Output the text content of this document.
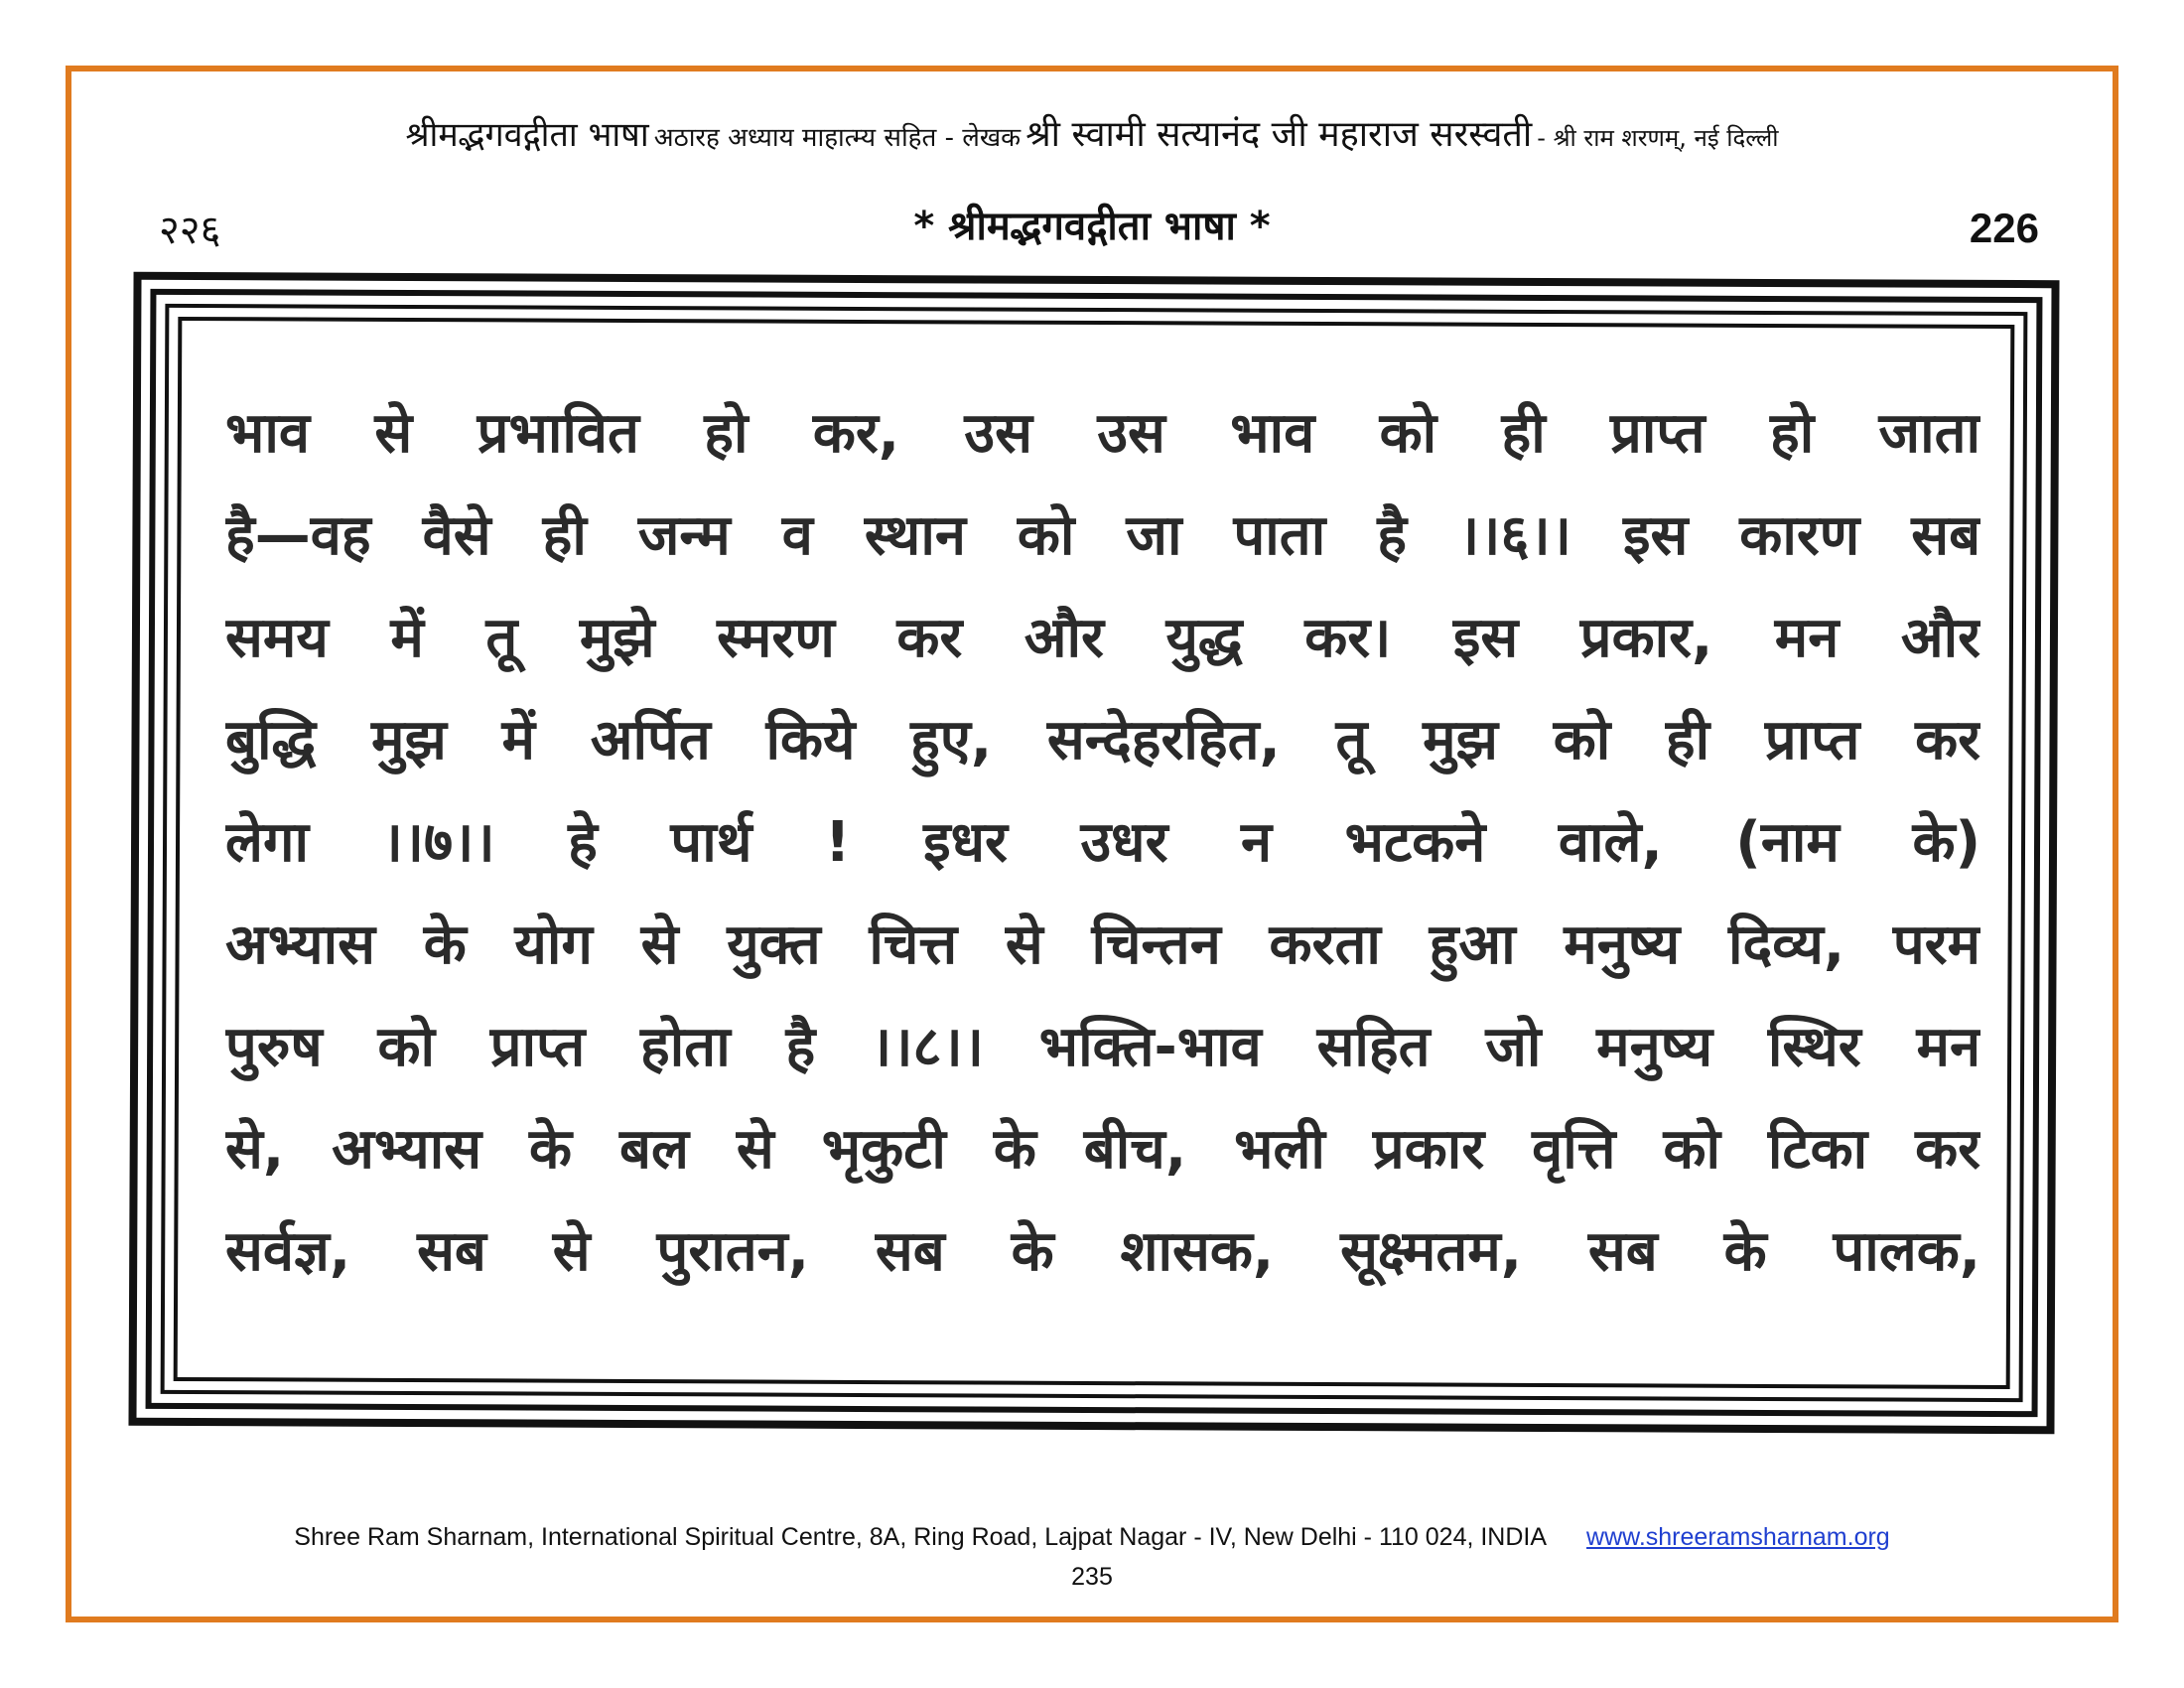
श्रीमद्भगवद्गीता भाषा अठारह अध्याय माहात्म्य सहित - लेखक श्री स्वामी सत्यानंद जी महाराज सरस्वती - श्री राम शरणम्, नई दिल्ली
२२६	* श्रीमद्भगवद्गीता भाषा *	226
भाव से प्रभावित हो कर, उस उस भाव को ही प्राप्त हो जाता
है—वह वैसे ही जन्म व स्थान को जा पाता है ।।६।। इस कारण सब
समय में तू मुझे स्मरण कर और युद्ध कर। इस प्रकार, मन और
बुद्धि मुझ में अर्पित किये हुए, सन्देहरहित, तू मुझ को ही प्राप्त कर
लेगा ।।७।। हे पार्थ ! इधर उधर न भटकने वाले, (नाम के)
अभ्यास के योग से युक्त चित्त से चिन्तन करता हुआ मनुष्य दिव्य, परम
पुरुष को प्राप्त होता है ।।८।। भक्ति-भाव सहित जो मनुष्य स्थिर मन
से, अभ्यास के बल से भृकुटी के बीच, भली प्रकार वृत्ति को टिका कर
सर्वज्ञ, सब से पुरातन, सब के शासक, सूक्ष्मतम, सब के पालक,
Shree Ram Sharnam, International Spiritual Centre, 8A, Ring Road, Lajpat Nagar - IV, New Delhi - 110 024, INDIA www.shreeramsharnam.org
235
